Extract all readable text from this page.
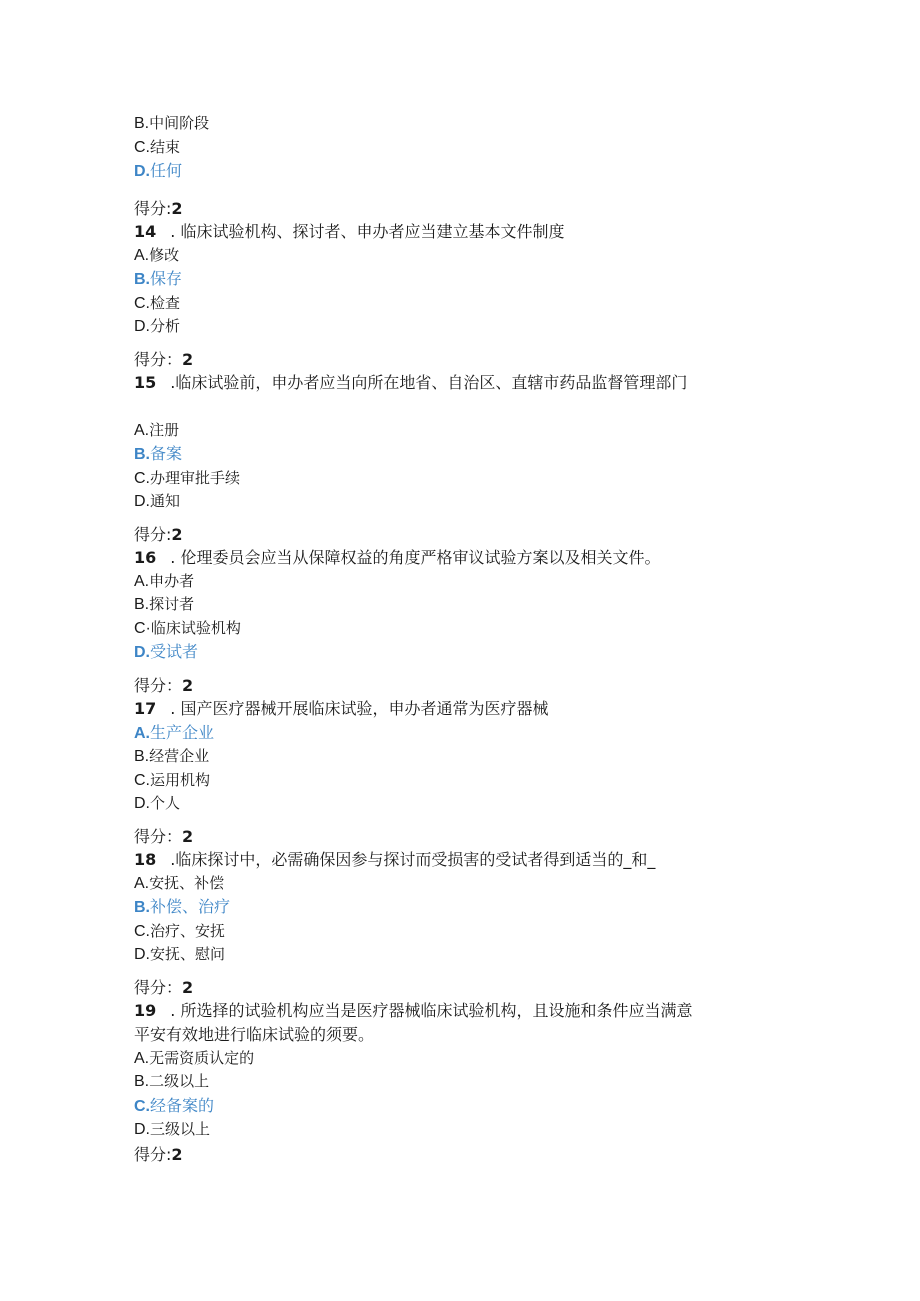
B.中间阶段
C.结束
D.任何
得分:2
14 . 临床试验机构、探讨者、申办者应当建立基本文件制度
A.修改
B.保存
C.检查
D.分析
得分：2
15 .临床试验前，申办者应当向所在地省、自治区、直辖市药品监督管理部门
A.注册
B.备案
C.办理审批手续
D.通知
得分:2
16 . 伦理委员会应当从保障权益的角度严格审议试验方案以及相关文件。
A.申办者
B.探讨者
C·临床试验机构
D.受试者
得分：2
17 . 国产医疗器械开展临床试验，申办者通常为医疗器械
A.生产企业
B.经营企业
C.运用机构
D.个人
得分：2
18 .临床探讨中，必需确保因参与探讨而受损害的受试者得到适当的_和_
A.安抚、补偿
B.补偿、治疗
C.治疗、安抚
D.安抚、慰问
得分：2
19 . 所选择的试验机构应当是医疗器械临床试验机构，且设施和条件应当满意
平安有效地进行临床试验的须要。
A.无需资质认定的
B.二级以上
C.经备案的
D.三级以上
得分:2
